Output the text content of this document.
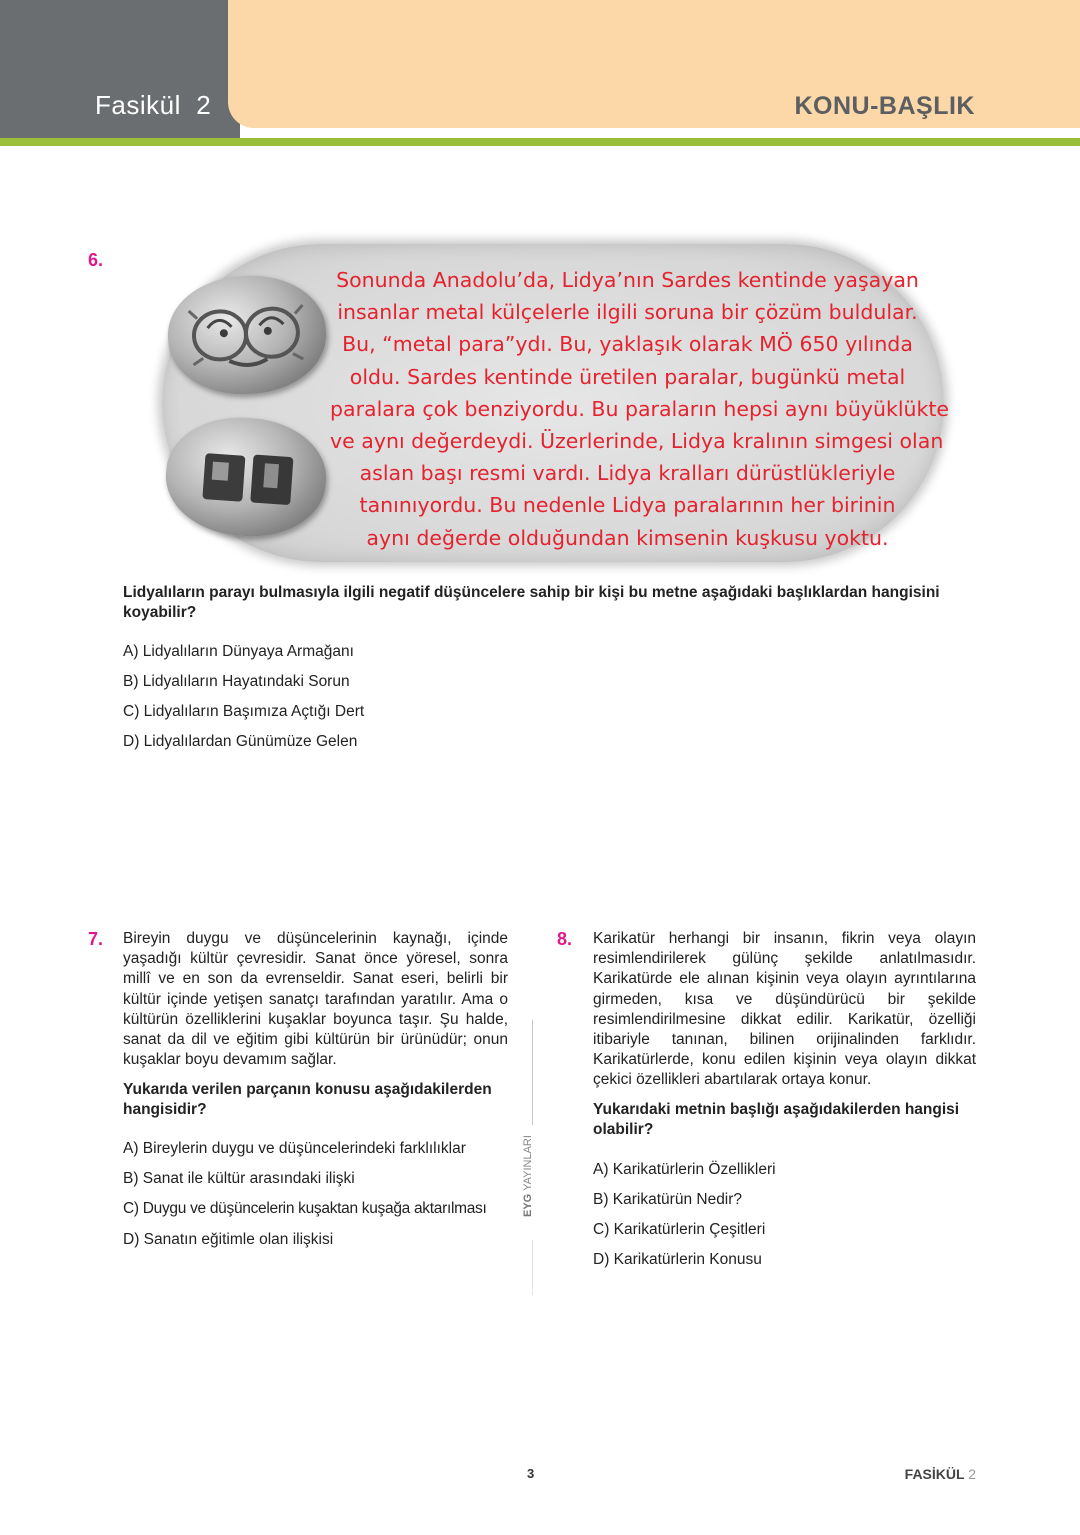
Fasikül  2	KONU-BAŞLIK
6.
Sonunda Anadolu’da, Lidya’nın Sardes kentinde yaşayan
insanlar metal külçelerle ilgili soruna bir çözüm buldular.
Bu, “metal para”ydı. Bu, yaklaşık olarak MÖ 650 yılında
oldu. Sardes kentinde üretilen paralar, bugünkü metal
paralara çok benziyordu. Bu paraların hepsi aynı büyüklükte
ve aynı değerdeydi. Üzerlerinde, Lidya kralının simgesi olan
aslan başı resmi vardı. Lidya kralları dürüstlükleriyle
tanınıyordu. Bu nedenle Lidya paralarının her birinin
aynı değerde olduğundan kimsenin kuşkusu yoktu.
Lidyalıların parayı bulmasıyla ilgili negatif düşüncelere sahip bir kişi bu metne aşağıdaki başlıklardan hangisini koyabilir?
A) Lidyalıların Dünyaya Armağanı
B) Lidyalıların Hayatındaki Sorun
C) Lidyalıların Başımıza Açtığı Dert
D) Lidyalılardan Günümüze Gelen
7. Bireyin duygu ve düşüncelerinin kaynağı, içinde yaşadığı kültür çevresidir. Sanat önce yöresel, sonra millî ve en son da evrenseldir. Sanat eseri, belirli bir kültür içinde yetişen sanatçı tarafından yaratılır. Ama o kültürün özelliklerini kuşaklar boyunca taşır. Şu halde, sanat da dil ve eğitim gibi kültürün bir ürünüdür; onun kuşaklar boyu devamım sağlar.
Yukarıda verilen parçanın konusu aşağıdakilerden hangisidir?
A) Bireylerin duygu ve düşüncelerindeki farklılıklar
B) Sanat ile kültür arasındaki ilişki
C) Duygu ve düşüncelerin kuşaktan kuşağa aktarılması
D) Sanatın eğitimle olan ilişkisi
EYG YAYINLARI
8. Karikatür herhangi bir insanın, fikrin veya olayın resimlendirilerek gülünç şekilde anlatılmasıdır. Karikatürde ele alınan kişinin veya olayın ayrıntılarına girmeden, kısa ve düşündürücü bir şekilde resimlendirilmesine dikkat edilir. Karikatür, özelliği itibariyle tanınan, bilinen orijinalinden farklıdır. Karikatürlerde, konu edilen kişinin veya olayın dikkat çekici özellikleri abartılarak ortaya konur.
Yukarıdaki metnin başlığı aşağıdakilerden hangisi olabilir?
A) Karikatürlerin Özellikleri
B) Karikatürün Nedir?
C) Karikatürlerin Çeşitleri
D) Karikatürlerin Konusu
3	FASİKÜL 2
